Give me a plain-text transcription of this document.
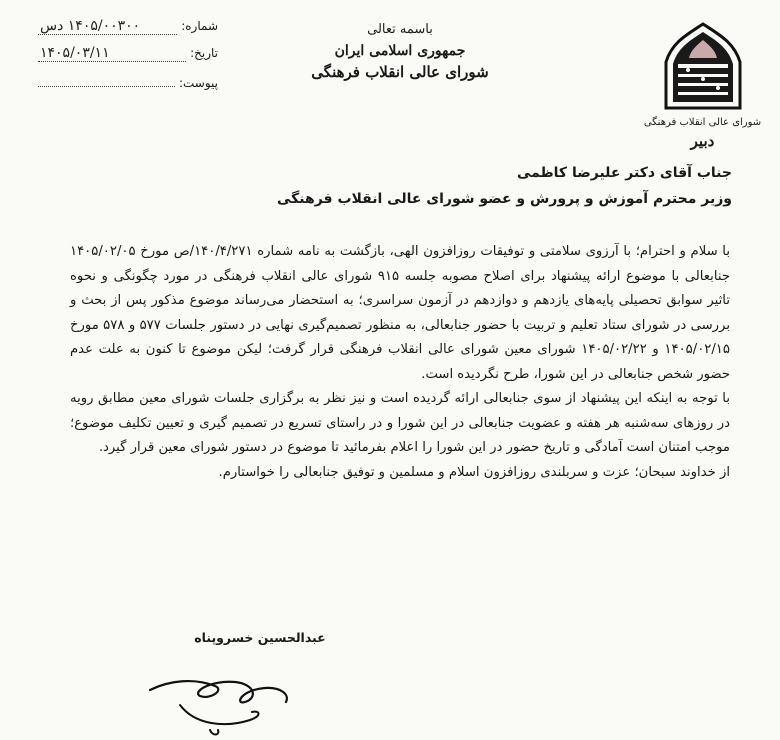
شورای عالی انقلاب فرهنگی
دبیر
باسمه تعالی
جمهوری اسلامی ایران
شورای عالی انقلاب فرهنگی
شماره:
۱۴۰۵/۰۰۳۰۰ دس
تاریخ:
۱۴۰۵/۰۳/۱۱
پیوست:
جناب آقای دکتر علیرضا کاظمی
وزیر محترم آموزش و پرورش و عضو شورای عالی انقلاب فرهنگی

با سلام و احترام؛ با آرزوی سلامتی و توفیقات روزافزون الهی، بازگشت به نامه شماره ۱۴۰/۴/۲۷۱/ص مورخ ۱۴۰۵/۰۲/۰۵ جنابعالی با موضوع ارائه پیشنهاد برای اصلاح مصوبه جلسه ۹۱۵ شورای عالی انقلاب فرهنگی در مورد چگونگی و نحوه تاثیر سوابق تحصیلی پایه‌های یازدهم و دوازدهم در آزمون سراسری؛ به استحضار می‌رساند موضوع مذکور پس از بحث و بررسی در شورای ستاد تعلیم و تربیت با حضور جنابعالی، به منظور تصمیم‌گیری نهایی در دستور جلسات ۵۷۷ و ۵۷۸ مورخ ۱۴۰۵/۰۲/۱۵ و ۱۴۰۵/۰۲/۲۲ شورای معین شورای عالی انقلاب فرهنگی قرار گرفت؛ لیکن موضوع تا کنون به علت عدم حضور شخص جنابعالی در این شورا، طرح نگردیده است.

با توجه به اینکه این پیشنهاد از سوی جنابعالی ارائه گردیده است و نیز نظر به برگزاری جلسات شورای معین مطابق رویه در روزهای سه‌شنبه هر هفته و عضویت جنابعالی در این شورا و در راستای تسریع در تصمیم گیری و تعیین تکلیف موضوع؛ موجب امتنان است آمادگی و تاریخ حضور در این شورا را اعلام بفرمائید تا موضوع در دستور شورای معین قرار گیرد.

از خداوند سبحان؛ عزت و سربلندی روزافزون اسلام و مسلمین و توفیق جنابعالی را خواستارم.

عبدالحسین خسروپناه
